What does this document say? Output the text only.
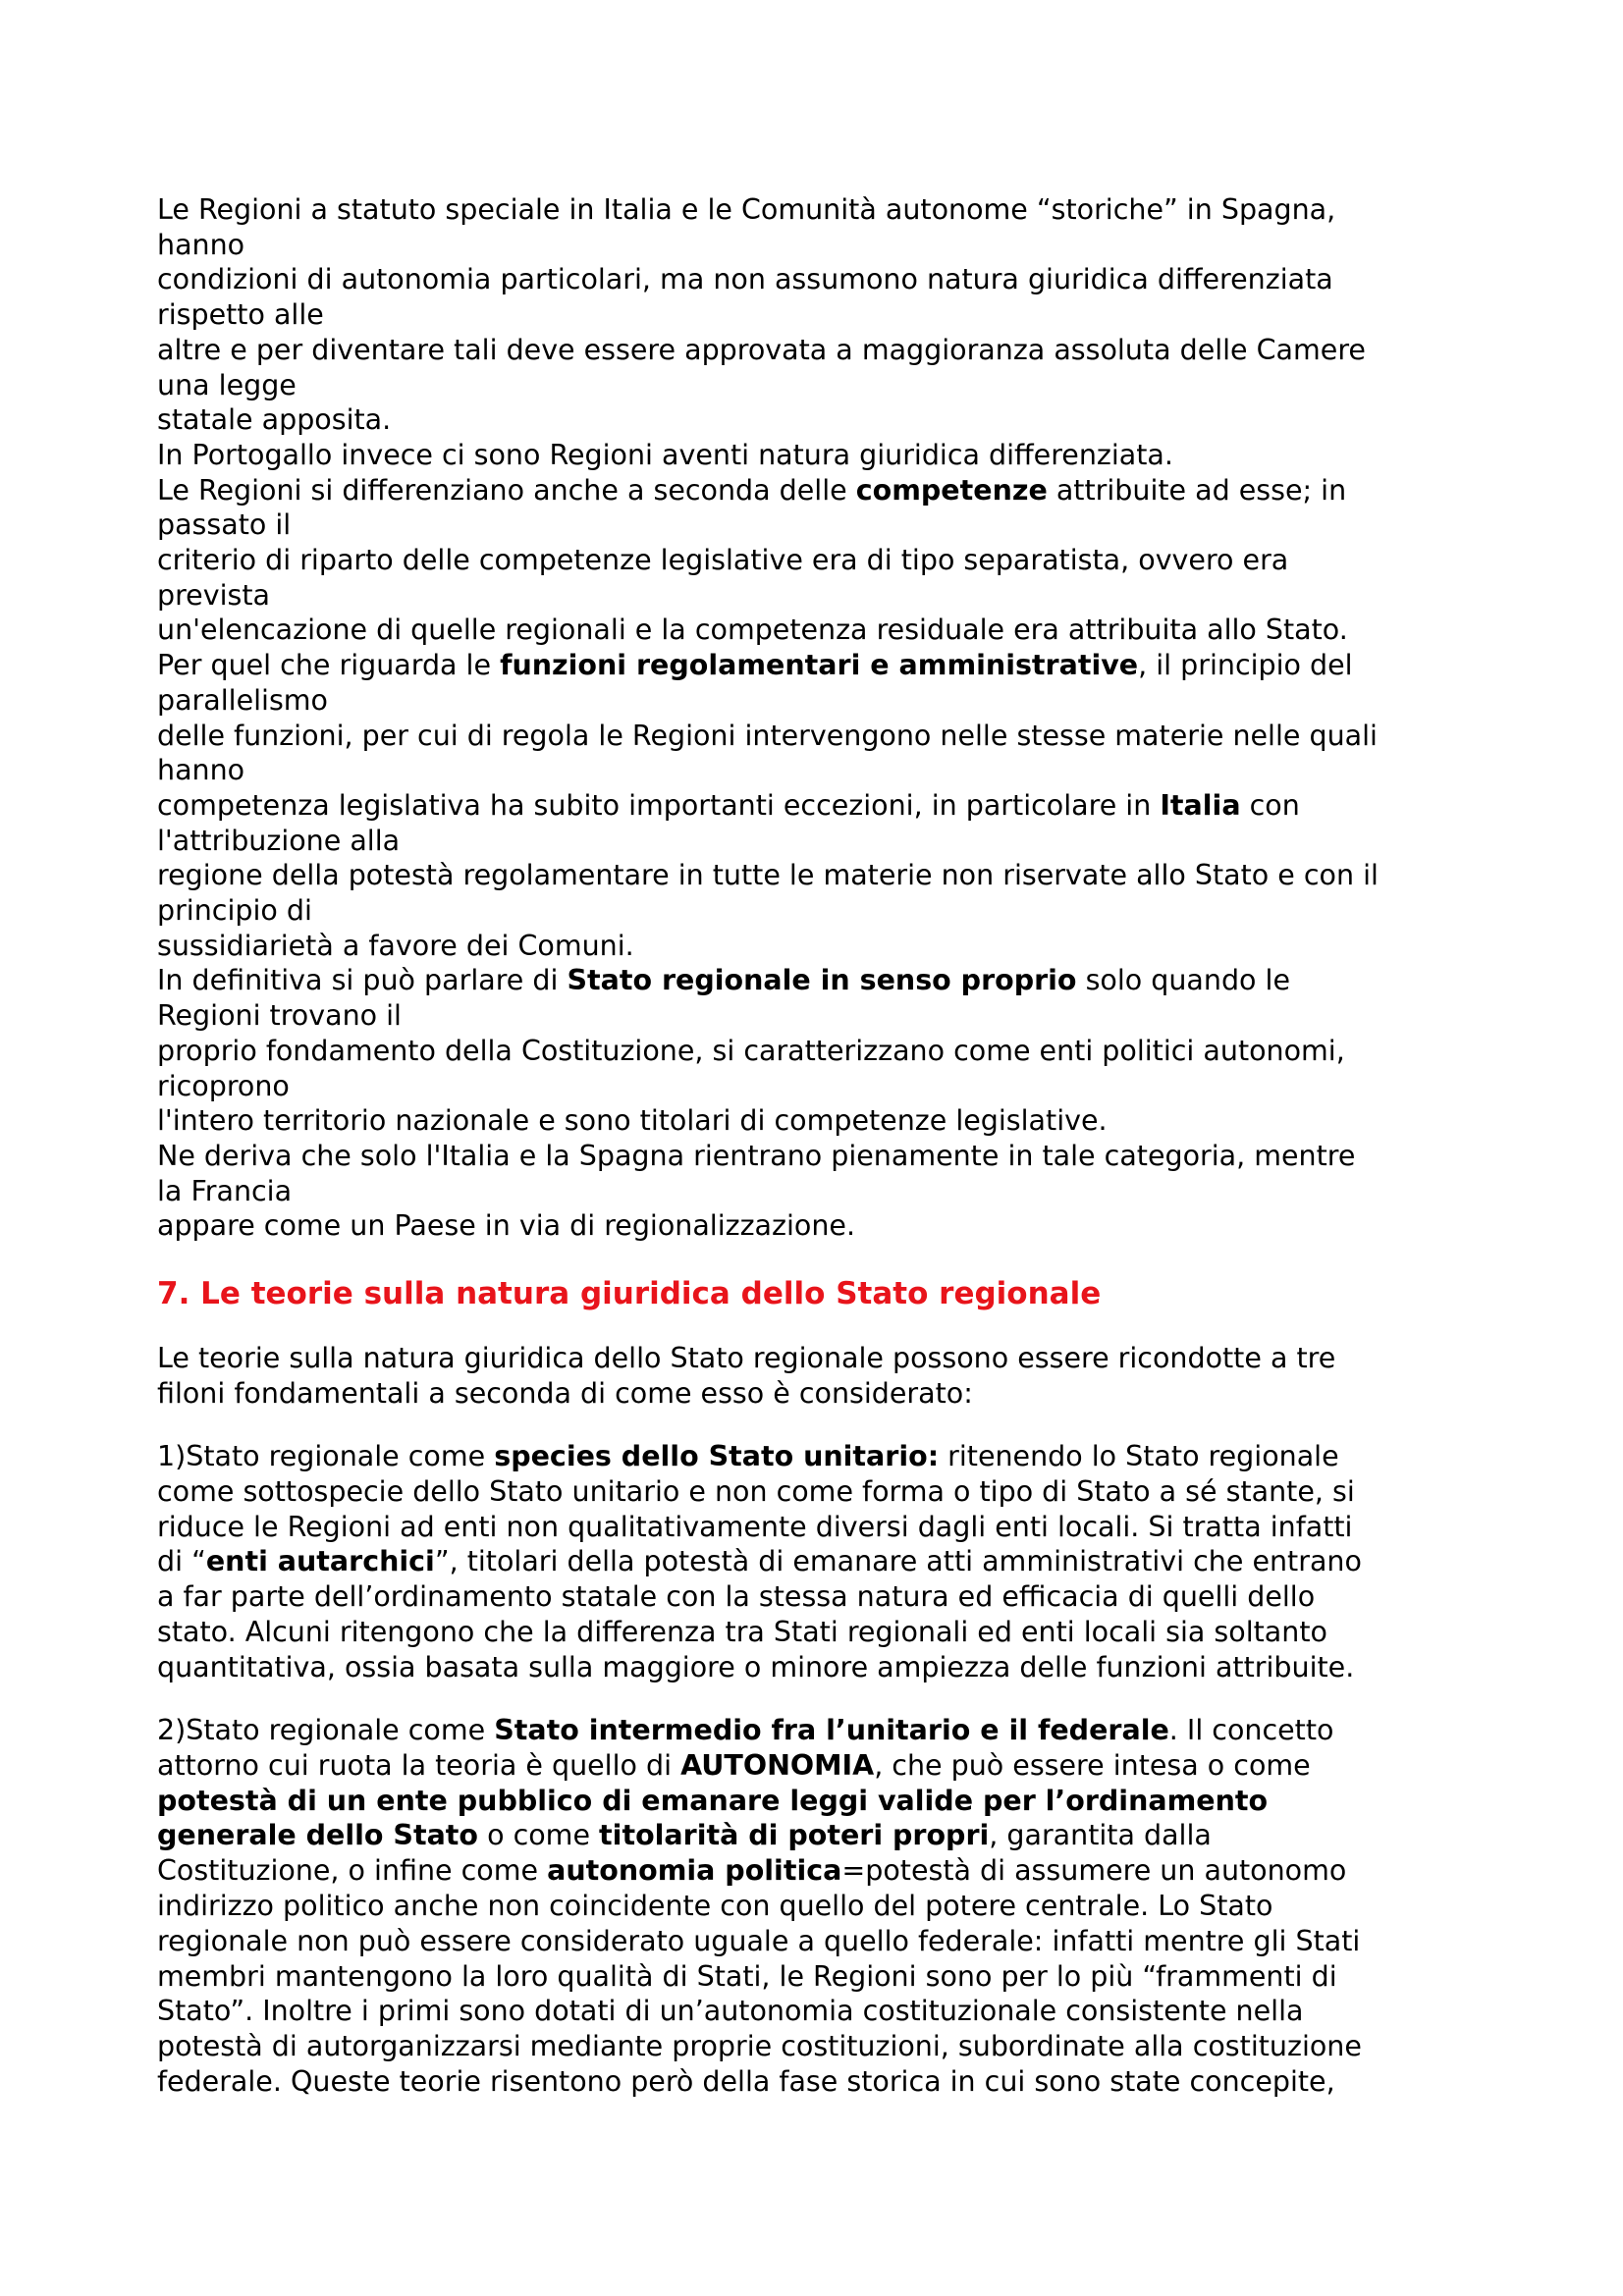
Le Regioni a statuto speciale in Italia e le Comunità autonome “storiche” in Spagna,
hanno
condizioni di autonomia particolari, ma non assumono natura giuridica differenziata
rispetto alle
altre e per diventare tali deve essere approvata a maggioranza assoluta delle Camere
una legge
statale apposita.
In Portogallo invece ci sono Regioni aventi natura giuridica differenziata.
Le Regioni si differenziano anche a seconda delle competenze attribuite ad esse; in
passato il
criterio di riparto delle competenze legislative era di tipo separatista, ovvero era
prevista
un'elencazione di quelle regionali e la competenza residuale era attribuita allo Stato.
Per quel che riguarda le funzioni regolamentari e amministrative, il principio del
parallelismo
delle funzioni, per cui di regola le Regioni intervengono nelle stesse materie nelle quali
hanno
competenza legislativa ha subito importanti eccezioni, in particolare in Italia con
l'attribuzione alla
regione della potestà regolamentare in tutte le materie non riservate allo Stato e con il
principio di
sussidiarietà a favore dei Comuni.
In definitiva si può parlare di Stato regionale in senso proprio solo quando le
Regioni trovano il
proprio fondamento della Costituzione, si caratterizzano come enti politici autonomi,
ricoprono
l'intero territorio nazionale e sono titolari di competenze legislative.
Ne deriva che solo l'Italia e la Spagna rientrano pienamente in tale categoria, mentre
la Francia
appare come un Paese in via di regionalizzazione.
7. Le teorie sulla natura giuridica dello Stato regionale
Le teorie sulla natura giuridica dello Stato regionale possono essere ricondotte a tre
filoni fondamentali a seconda di come esso è considerato:
1)Stato regionale come species dello Stato unitario: ritenendo lo Stato regionale
come sottospecie dello Stato unitario e non come forma o tipo di Stato a sé stante, si
riduce le Regioni ad enti non qualitativamente diversi dagli enti locali. Si tratta infatti
di “enti autarchici”, titolari della potestà di emanare atti amministrativi che entrano
a far parte dell’ordinamento statale con la stessa natura ed efficacia di quelli dello
stato. Alcuni ritengono che la differenza tra Stati regionali ed enti locali sia soltanto
quantitativa, ossia basata sulla maggiore o minore ampiezza delle funzioni attribuite.
2)Stato regionale come Stato intermedio fra l’unitario e il federale. Il concetto
attorno cui ruota la teoria è quello di AUTONOMIA, che può essere intesa o come
potestà di un ente pubblico di emanare leggi valide per l’ordinamento
generale dello Stato o come titolarità di poteri propri, garantita dalla
Costituzione, o infine come autonomia politica=potestà di assumere un autonomo
indirizzo politico anche non coincidente con quello del potere centrale. Lo Stato
regionale non può essere considerato uguale a quello federale: infatti mentre gli Stati
membri mantengono la loro qualità di Stati, le Regioni sono per lo più “frammenti di
Stato”. Inoltre i primi sono dotati di un’autonomia costituzionale consistente nella
potestà di autorganizzarsi mediante proprie costituzioni, subordinate alla costituzione
federale. Queste teorie risentono però della fase storica in cui sono state concepite,
